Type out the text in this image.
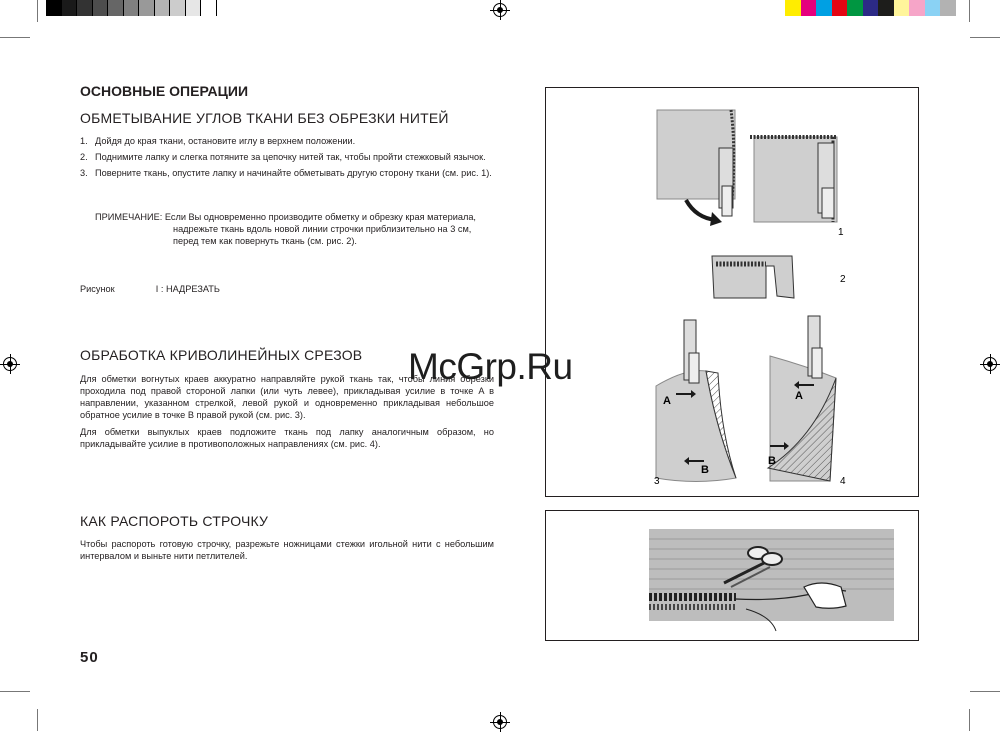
ОСНОВНЫЕ ОПЕРАЦИИ
ОБМЕТЫВАНИЕ УГЛОВ ТКАНИ БЕЗ ОБРЕЗКИ НИТЕЙ
1. Дойдя до края ткани, остановите иглу в верхнем положении.
2. Поднимите лапку и слегка потяните за цепочку нитей так, чтобы пройти стежковый язычок.
3. Поверните ткань, опустите лапку и начинайте обметывать другую сторону ткани (см. рис. 1).
ПРИМЕЧАНИЕ: Если Вы одновременно производите обметку и обрезку края материала,
надрежьте ткань вдоль новой линии строчки приблизительно на 3 см,
перед тем как повернуть ткань (см. рис. 2).
Рисунок	I : НАДРЕЗАТЬ
ОБРАБОТКА КРИВОЛИНЕЙНЫХ СРЕЗОВ
Для обметки вогнутых краев аккуратно направляйте рукой ткань так, чтобы линия обрезки проходила под правой стороной лапки (или чуть левее), прикладывая усилие в точке A в направлении, указанном стрелкой, левой рукой и одновременно прикладывая небольшое обратное усилие в точке B правой рукой (см. рис. 3).
Для обметки выпуклых краев подложите ткань под лапку аналогичным образом, но прикладывайте усилие в противоположных направлениях (см. рис. 4).
КАК РАСПОРОТЬ СТРОЧКУ
Чтобы распороть готовую строчку, разрежьте ножницами стежки игольной нити с небольшим интервалом и выньте нити петлителей.
50
1
2
A
B
3
A
B
4
McGrp.Ru
